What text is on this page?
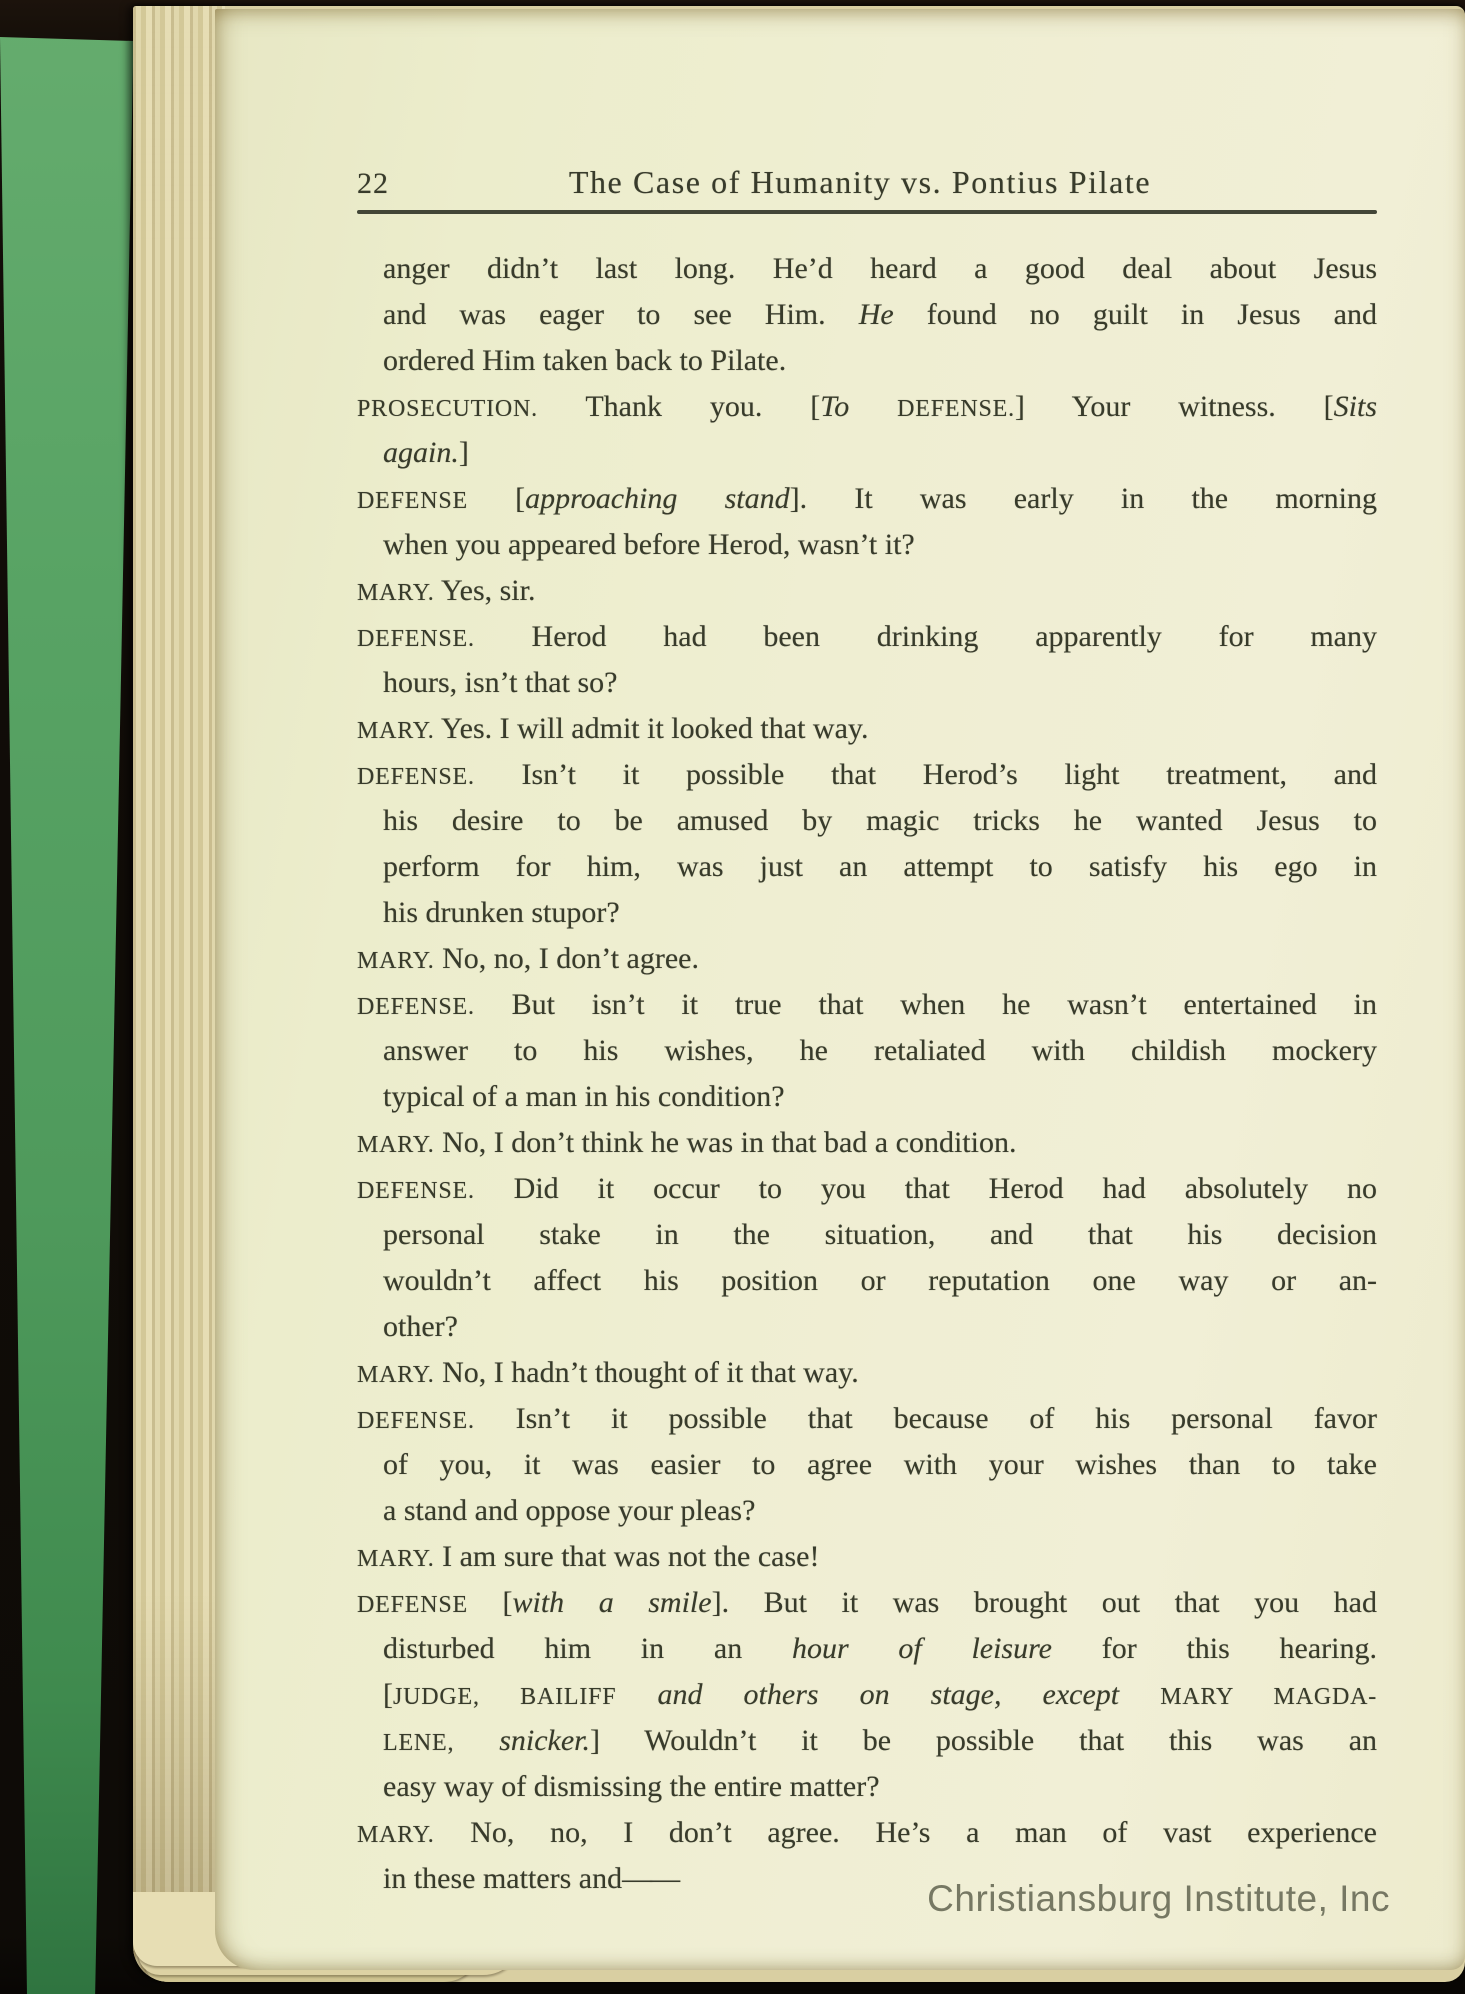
22	The Case of Humanity vs. Pontius Pilate
anger didn’t last long. He’d heard a good deal about Jesus
and was eager to see Him. He found no guilt in Jesus and
ordered Him taken back to Pilate.
PROSECUTION. Thank you. [To DEFENSE.] Your witness. [Sits
again.]
DEFENSE [approaching stand]. It was early in the morning
when you appeared before Herod, wasn’t it?
MARY. Yes, sir.
DEFENSE. Herod had been drinking apparently for many
hours, isn’t that so?
MARY. Yes. I will admit it looked that way.
DEFENSE. Isn’t it possible that Herod’s light treatment, and
his desire to be amused by magic tricks he wanted Jesus to
perform for him, was just an attempt to satisfy his ego in
his drunken stupor?
MARY. No, no, I don’t agree.
DEFENSE. But isn’t it true that when he wasn’t entertained in
answer to his wishes, he retaliated with childish mockery
typical of a man in his condition?
MARY. No, I don’t think he was in that bad a condition.
DEFENSE. Did it occur to you that Herod had absolutely no
personal stake in the situation, and that his decision
wouldn’t affect his position or reputation one way or an-
other?
MARY. No, I hadn’t thought of it that way.
DEFENSE. Isn’t it possible that because of his personal favor
of you, it was easier to agree with your wishes than to take
a stand and oppose your pleas?
MARY. I am sure that was not the case!
DEFENSE [with a smile]. But it was brought out that you had
disturbed him in an hour of leisure for this hearing.
[JUDGE, BAILIFF and others on stage, except MARY MAGDA-
LENE, snicker.] Wouldn’t it be possible that this was an
easy way of dismissing the entire matter?
MARY. No, no, I don’t agree. He’s a man of vast experience
in these matters and——	Christiansburg Institute, Inc
